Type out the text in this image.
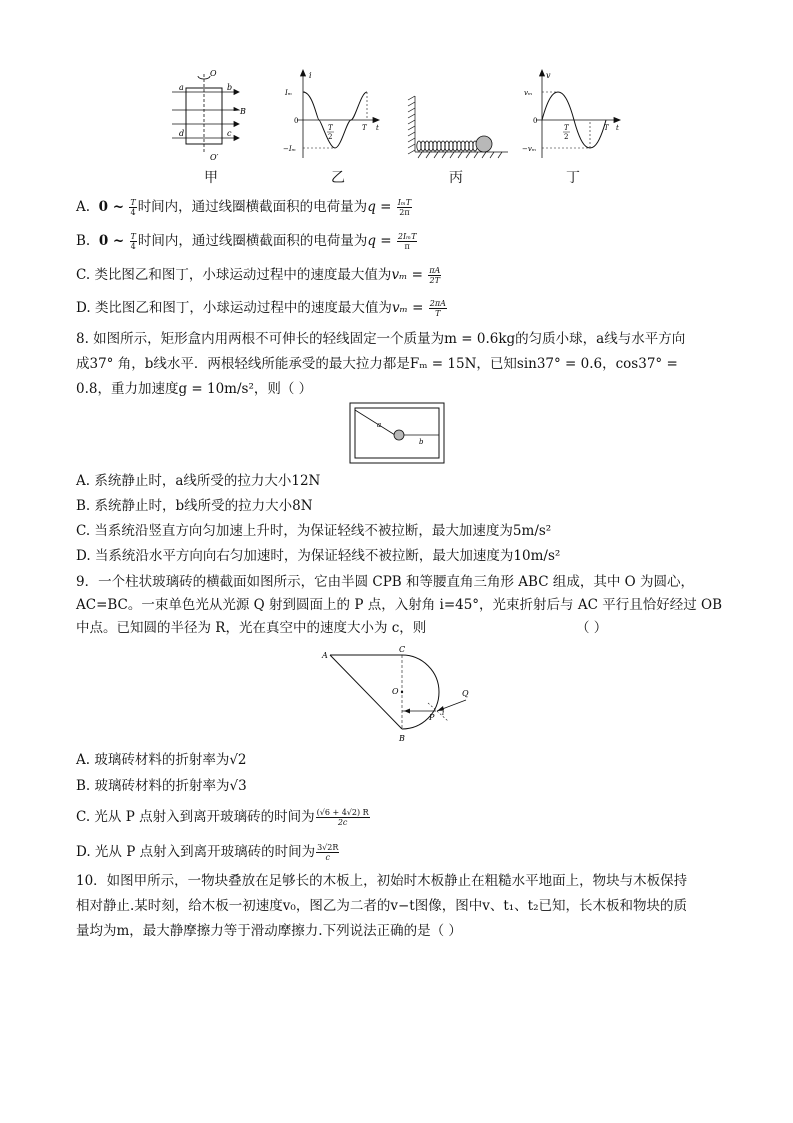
O
O′
a	b
d	c
B
i
Iₘ
0
−Iₘ
T
2
T t
v
vₘ
0
−vₘ
T
2
T t
甲	乙	丙	丁
A. 0 ~ $\frac{T}{4}$ 时间内，通过线圈横截面积的电荷量为$q = \frac{\text{IₘT}}{2\pi}$
B. 0 ~ $\frac{T}{4}$ 时间内，通过线圈横截面积的电荷量为$q = \frac{\text{2IₘT}}{\pi}$
C. 类比图乙和图丁，小球运动过程中的速度最大值为$v_m = \frac{\pi A}{2T}$
D. 类比图乙和图丁，小球运动过程中的速度最大值为$v_m = \frac{2\pi A}{T}$
8. 如图所示，矩形盒内用两根不可伸长的轻线固定一个质量为m = 0.6kg的匀质小球，a线与水平方向
成37° 角，b线水平．两根轻线所能承受的最大拉力都是Fₘ = 15N，已知sin37° = 0.6，cos37° =
0.8，重力加速度g = 10m/s²，则（ ）
a
b
A. 系统静止时，a线所受的拉力大小12N
B. 系统静止时，b线所受的拉力大小8N
C. 当系统沿竖直方向匀加速上升时，为保证轻线不被拉断，最大加速度为5m/s²
D. 当系统沿水平方向向右匀加速时，为保证轻线不被拉断，最大加速度为10m/s²
9．一个柱状玻璃砖的横截面如图所示，它由半圆 CPB 和等腰直角三角形 ABC 组成，其中 O 为圆心，
AC=BC。一束单色光从光源 Q 射到圆面上的 P 点，入射角 i=45°，光束折射后与 AC 平行且恰好经过 OB
中点。已知圆的半径为 R，光在真空中的速度大小为 c，则	（ ）
A
C
O	Q
P i
B
A. 玻璃砖材料的折射率为√2
B. 玻璃砖材料的折射率为√3
C. 光从 P 点射入到离开玻璃砖的时间为 $\frac{(√6 + 4√2) R}{2c}$
D. 光从 P 点射入到离开玻璃砖的时间为 $\frac{3√2R}{c}$
10．如图甲所示，一物块叠放在足够长的木板上，初始时木板静止在粗糙水平地面上，物块与木板保持
相对静止.某时刻，给木板一初速度v₀，图乙为二者的v−t图像，图中v、t₁、t₂已知，长木板和物块的质
量均为m，最大静摩擦力等于滑动摩擦力.下列说法正确的是（ ）
